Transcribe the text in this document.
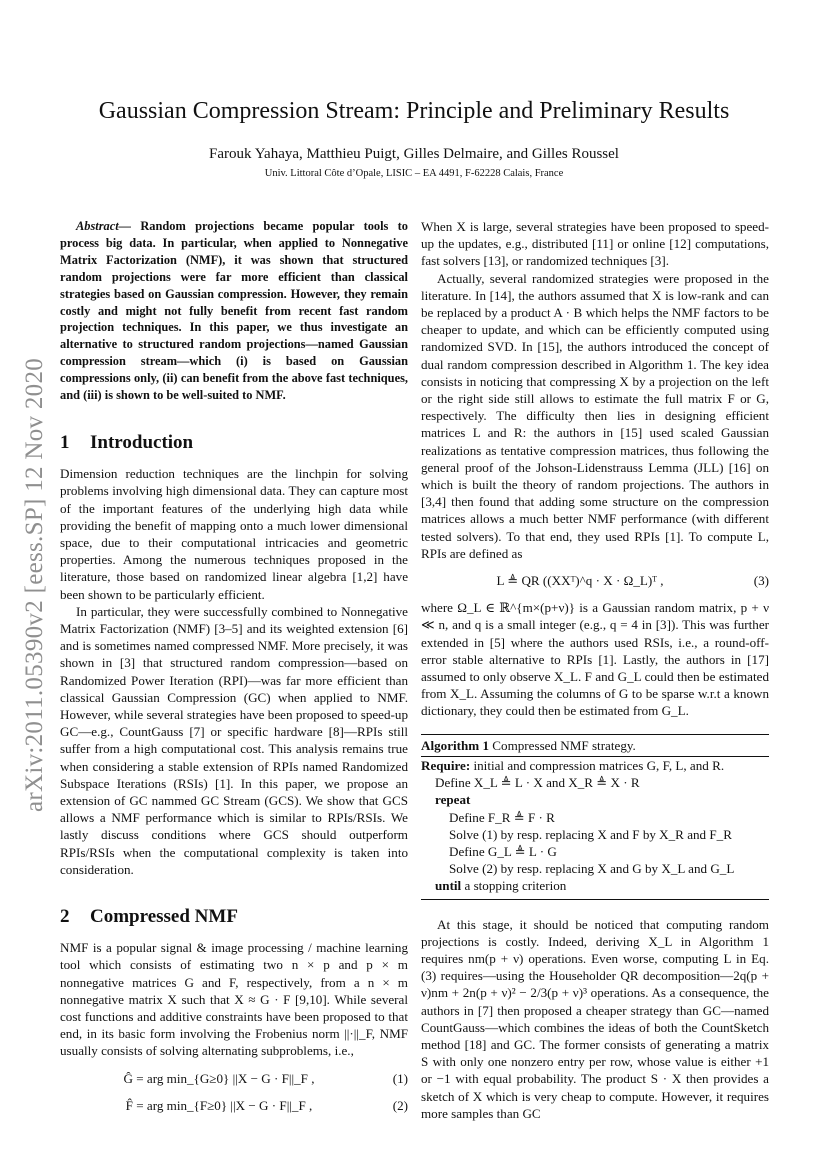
arXiv:2011.05390v2 [eess.SP] 12 Nov 2020
Gaussian Compression Stream: Principle and Preliminary Results
Farouk Yahaya, Matthieu Puigt, Gilles Delmaire, and Gilles Roussel
Univ. Littoral Côte d’Opale, LISIC – EA 4491, F-62228 Calais, France

Abstract— Random projections became popular tools to process big data. In particular, when applied to Nonnegative Matrix Factorization (NMF), it was shown that structured random projections were far more efficient than classical strategies based on Gaussian compression. However, they remain costly and might not fully benefit from recent fast random projection techniques. In this paper, we thus investigate an alternative to structured random projections—named Gaussian compression stream—which (i) is based on Gaussian compressions only, (ii) can benefit from the above fast techniques, and (iii) is shown to be well-suited to NMF.

1 Introduction

Dimension reduction techniques are the linchpin for solving problems involving high dimensional data. They can capture most of the important features of the underlying high data while providing the benefit of mapping onto a much lower dimensional space, due to their computational intricacies and geometric properties. Among the numerous techniques proposed in the literature, those based on randomized linear algebra [1,2] have been shown to be particularly efficient.

In particular, they were successfully combined to Nonnegative Matrix Factorization (NMF) [3–5] and its weighted extension [6] and is sometimes named compressed NMF. More precisely, it was shown in [3] that structured random compression—based on Randomized Power Iteration (RPI)—was far more efficient than classical Gaussian Compression (GC) when applied to NMF. However, while several strategies have been proposed to speed-up GC—e.g., CountGauss [7] or specific hardware [8]—RPIs still suffer from a high computational cost. This analysis remains true when considering a stable extension of RPIs named Randomized Subspace Iterations (RSIs) [1]. In this paper, we propose an extension of GC nammed GC Stream (GCS). We show that GCS allows a NMF performance which is similar to RPIs/RSIs. We lastly discuss conditions where GCS should outperform RPIs/RSIs when the computational complexity is taken into consideration.

2 Compressed NMF

NMF is a popular signal & image processing / machine learning tool which consists of estimating two n × p and p × m nonnegative matrices G and F, respectively, from a n × m nonnegative matrix X such that X ≈ G · F [9,10]. While several cost functions and additive constraints have been proposed to that end, in its basic form involving the Frobenius norm ||·||_F, NMF usually consists of solving alternating subproblems, i.e.,

Ĝ = arg min_{G≥0} ||X − G · F||_F ,	(1)
F̂ = arg min_{F≥0} ||X − G · F||_F ,	(2)

When X is large, several strategies have been proposed to speed-up the updates, e.g., distributed [11] or online [12] computations, fast solvers [13], or randomized techniques [3].

Actually, several randomized strategies were proposed in the literature. In [14], the authors assumed that X is low-rank and can be replaced by a product A · B which helps the NMF factors to be cheaper to update, and which can be efficiently computed using randomized SVD. In [15], the authors introduced the concept of dual random compression described in Algorithm 1. The key idea consists in noticing that compressing X by a projection on the left or the right side still allows to estimate the full matrix F or G, respectively. The difficulty then lies in designing efficient matrices L and R: the authors in [15] used scaled Gaussian realizations as tentative compression matrices, thus following the general proof of the Johson-Lidenstrauss Lemma (JLL) [16] on which is built the theory of random projections. The authors in [3,4] then found that adding some structure on the compression matrices allows a much better NMF performance (with different tested solvers). To that end, they used RPIs [1]. To compute L, RPIs are defined as

L ≜ QR ((XXᵀ)^q · X · Ω_L)ᵀ ,	(3)

where Ω_L ∈ ℝ^{m×(p+ν)} is a Gaussian random matrix, p + ν ≪ n, and q is a small integer (e.g., q = 4 in [3]). This was further extended in [5] where the authors used RSIs, i.e., a round-off-error stable alternative to RPIs [1]. Lastly, the authors in [17] assumed to only observe X_L. F and G_L could then be estimated from X_L. Assuming the columns of G to be sparse w.r.t a known dictionary, they could then be estimated from G_L.

Algorithm 1 Compressed NMF strategy.
Require: initial and compression matrices G, F, L, and R.
Define X_L ≜ L · X and X_R ≜ X · R
repeat
Define F_R ≜ F · R
Solve (1) by resp. replacing X and F by X_R and F_R
Define G_L ≜ L · G
Solve (2) by resp. replacing X and G by X_L and G_L
until a stopping criterion

At this stage, it should be noticed that computing random projections is costly. Indeed, deriving X_L in Algorithm 1 requires nm(p + ν) operations. Even worse, computing L in Eq. (3) requires—using the Householder QR decomposition—2q(p + ν)nm + 2n(p + ν)² − 2/3(p + ν)³ operations. As a consequence, the authors in [7] then proposed a cheaper strategy than GC—named CountGauss—which combines the ideas of both the CountSketch method [18] and GC. The former consists of generating a matrix S with only one nonzero entry per row, whose value is either +1 or −1 with equal probability. The product S · X then provides a sketch of X which is very cheap to compute. However, it requires more samples than GC
